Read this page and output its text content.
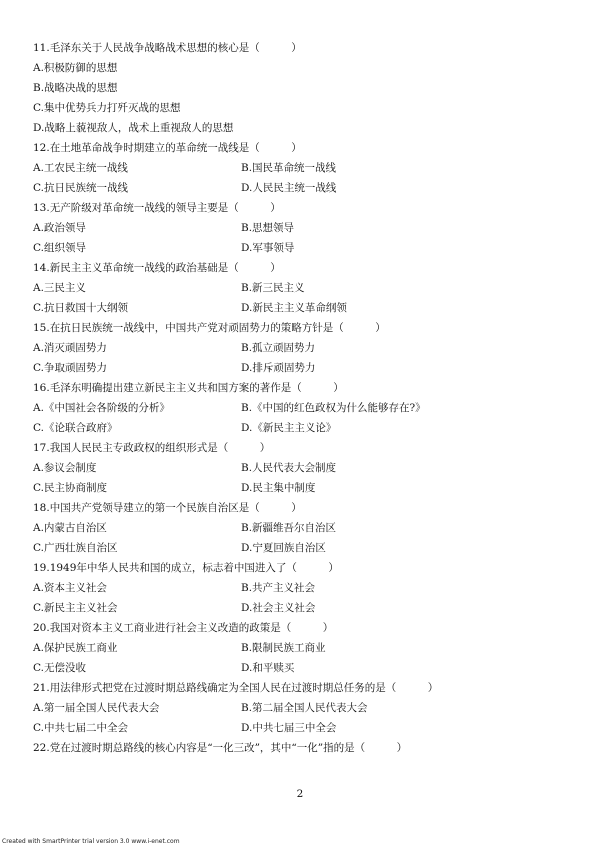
11.毛泽东关于人民战争战略战术思想的核心是（　　　）
A.积极防御的思想
B.战略决战的思想
C.集中优势兵力打歼灭战的思想
D.战略上藐视敌人，战术上重视敌人的思想
12.在土地革命战争时期建立的革命统一战线是（　　　）
A.工农民主统一战线	B.国民革命统一战线
C.抗日民族统一战线	D.人民民主统一战线
13.无产阶级对革命统一战线的领导主要是（　　　）
A.政治领导	B.思想领导
C.组织领导	D.军事领导
14.新民主主义革命统一战线的政治基础是（　　　）
A.三民主义	B.新三民主义
C.抗日救国十大纲领	D.新民主主义革命纲领
15.在抗日民族统一战线中，中国共产党对顽固势力的策略方针是（　　　）
A.消灭顽固势力	B.孤立顽固势力
C.争取顽固势力	D.排斥顽固势力
16.毛泽东明确提出建立新民主主义共和国方案的著作是（　　　）
A.《中国社会各阶级的分析》	B.《中国的红色政权为什么能够存在?》
C.《论联合政府》	D.《新民主主义论》
17.我国人民民主专政政权的组织形式是（　　　）
A.参议会制度	B.人民代表大会制度
C.民主协商制度	D.民主集中制度
18.中国共产党领导建立的第一个民族自治区是（　　　）
A.内蒙古自治区	B.新疆维吾尔自治区
C.广西壮族自治区	D.宁夏回族自治区
19.1949年中华人民共和国的成立，标志着中国进入了（　　　）
A.资本主义社会	B.共产主义社会
C.新民主主义社会	D.社会主义社会
20.我国对资本主义工商业进行社会主义改造的政策是（　　　）
A.保护民族工商业	B.限制民族工商业
C.无偿没收	D.和平赎买
21.用法律形式把党在过渡时期总路线确定为全国人民在过渡时期总任务的是（　　　）
A.第一届全国人民代表大会	B.第二届全国人民代表大会
C.中共七届二中全会	D.中共七届三中全会
22.党在过渡时期总路线的核心内容是“一化三改”，其中“一化”指的是（　　　）
2
Created with SmartPrinter trial version 3.0 www.i-enet.com
